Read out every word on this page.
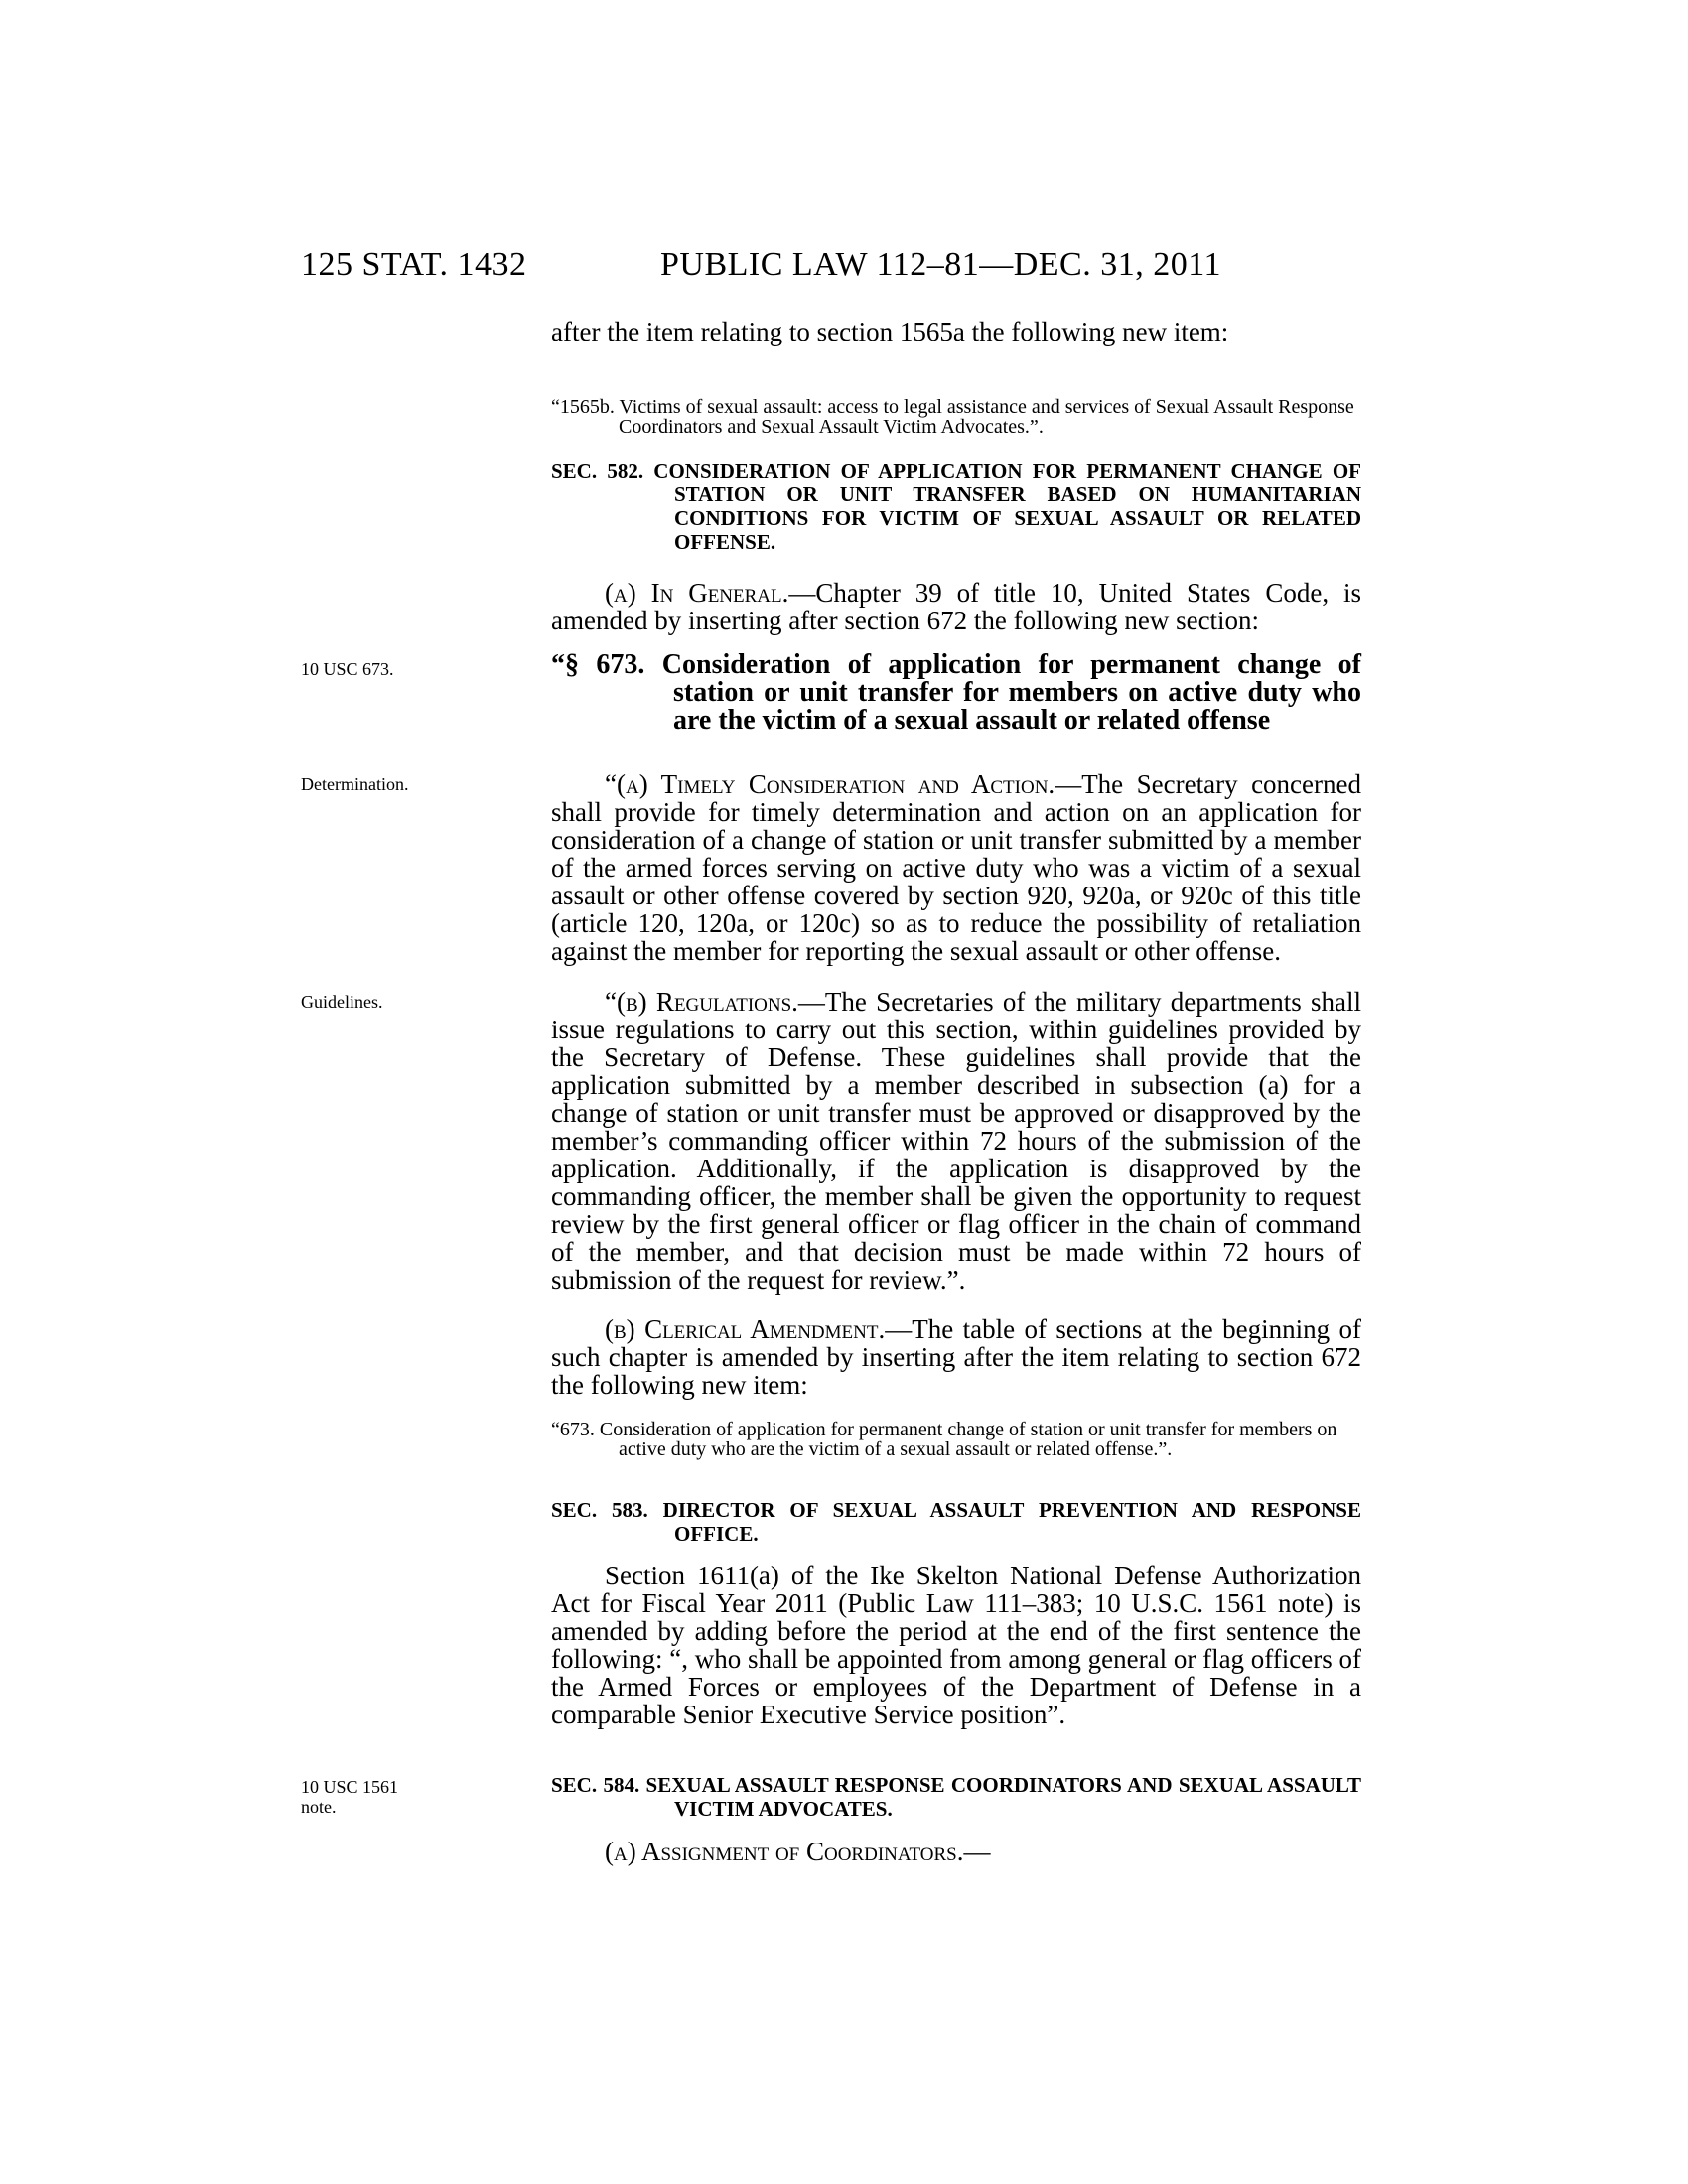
125 STAT. 1432	PUBLIC LAW 112–81—DEC. 31, 2011
10 USC 673.
Determination.
Guidelines.
10 USC 1561
note.

after the item relating to section 1565a the following new item:

“1565b. Victims of sexual assault: access to legal assistance and services of Sexual Assault Response Coordinators and Sexual Assault Victim Advocates.”.

SEC. 582. CONSIDERATION OF APPLICATION FOR PERMANENT CHANGE OF STATION OR UNIT TRANSFER BASED ON HUMANITARIAN CONDITIONS FOR VICTIM OF SEXUAL ASSAULT OR RELATED OFFENSE.

(a) In General.—Chapter 39 of title 10, United States Code, is amended by inserting after section 672 the following new section:

“§ 673. Consideration of application for permanent change of station or unit transfer for members on active duty who are the victim of a sexual assault or related offense

“(a) Timely Consideration and Action.—The Secretary concerned shall provide for timely determination and action on an application for consideration of a change of station or unit transfer submitted by a member of the armed forces serving on active duty who was a victim of a sexual assault or other offense covered by section 920, 920a, or 920c of this title (article 120, 120a, or 120c) so as to reduce the possibility of retaliation against the member for reporting the sexual assault or other offense.

“(b) Regulations.—The Secretaries of the military departments shall issue regulations to carry out this section, within guidelines provided by the Secretary of Defense. These guidelines shall provide that the application submitted by a member described in subsection (a) for a change of station or unit transfer must be approved or disapproved by the member’s commanding officer within 72 hours of the submission of the application. Additionally, if the application is disapproved by the commanding officer, the member shall be given the opportunity to request review by the first general officer or flag officer in the chain of command of the member, and that decision must be made within 72 hours of submission of the request for review.”.

(b) Clerical Amendment.—The table of sections at the beginning of such chapter is amended by inserting after the item relating to section 672 the following new item:

“673. Consideration of application for permanent change of station or unit transfer for members on active duty who are the victim of a sexual assault or related offense.”.

SEC. 583. DIRECTOR OF SEXUAL ASSAULT PREVENTION AND RESPONSE OFFICE.

Section 1611(a) of the Ike Skelton National Defense Authorization Act for Fiscal Year 2011 (Public Law 111–383; 10 U.S.C. 1561 note) is amended by adding before the period at the end of the first sentence the following: “, who shall be appointed from among general or flag officers of the Armed Forces or employees of the Department of Defense in a comparable Senior Executive Service position”.

SEC. 584. SEXUAL ASSAULT RESPONSE COORDINATORS AND SEXUAL ASSAULT VICTIM ADVOCATES.

(a) Assignment of Coordinators.—
